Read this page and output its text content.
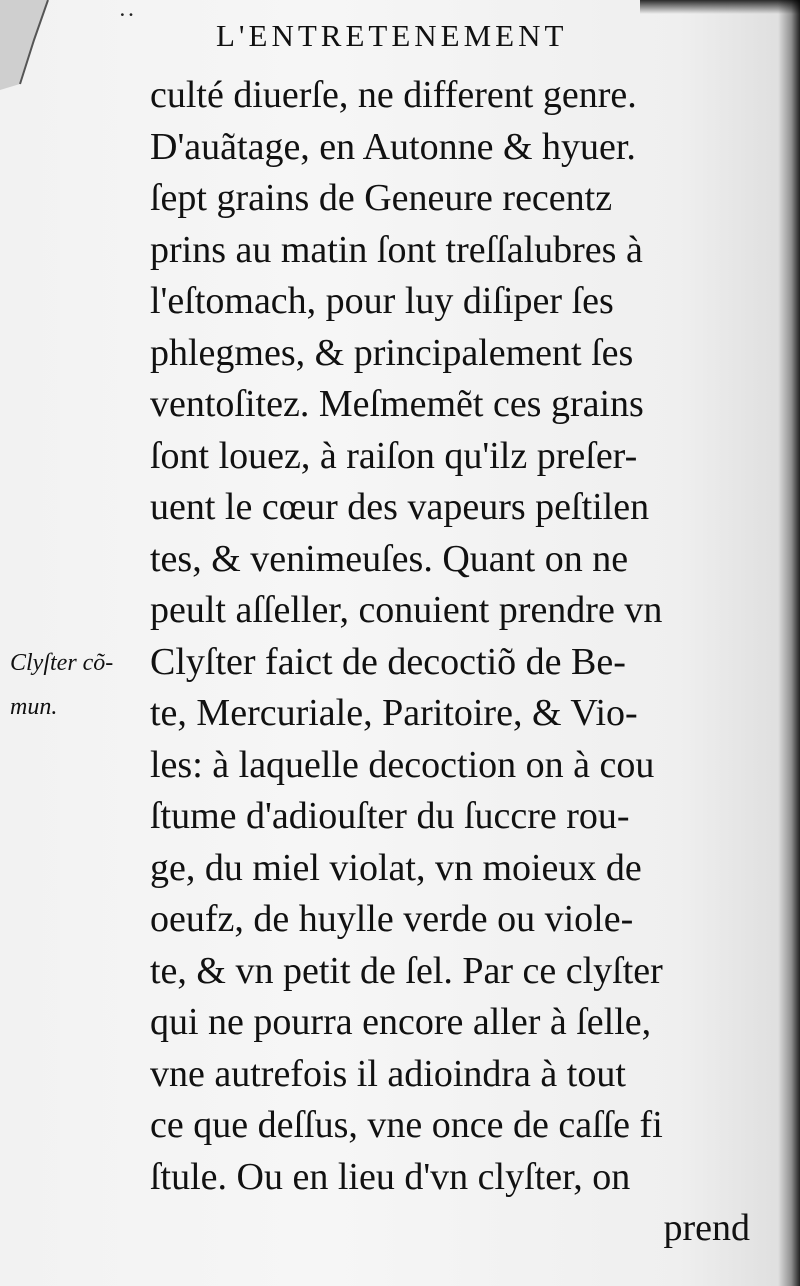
˙˙	L'ENTRETENEMENT
culté diuerſe, ne different genre.
D'auãtage, en Autonne & hyuer.
ſept grains de Geneure recentz
prins au matin ſont treſſalubres à
l'eſtomach, pour luy diſiper ſes
phlegmes, & principalement ſes
ventoſitez. Meſmemẽt ces grains
ſont louez, à raiſon qu'ilz preſer-
uent le cœur des vapeurs peſtilen
tes, & venimeuſes. Quant on ne
peult aſſeller, conuient prendre vn
Clyſter faict de decoctiõ de Be-
te, Mercuriale, Paritoire, & Vio-
les: à laquelle decoction on à cou
ſtume d'adiouſter du ſuccre rou-
ge, du miel violat, vn moieux de
oeufz, de huylle verde ou viole-
te, & vn petit de ſel. Par ce clyſter
qui ne pourra encore aller à ſelle,
vne autrefois il adioindra à tout
ce que deſſus, vne once de caſſe fi
ſtule. Ou en lieu d'vn clyſter, on
prend
Clyſter cõ-
mun.
